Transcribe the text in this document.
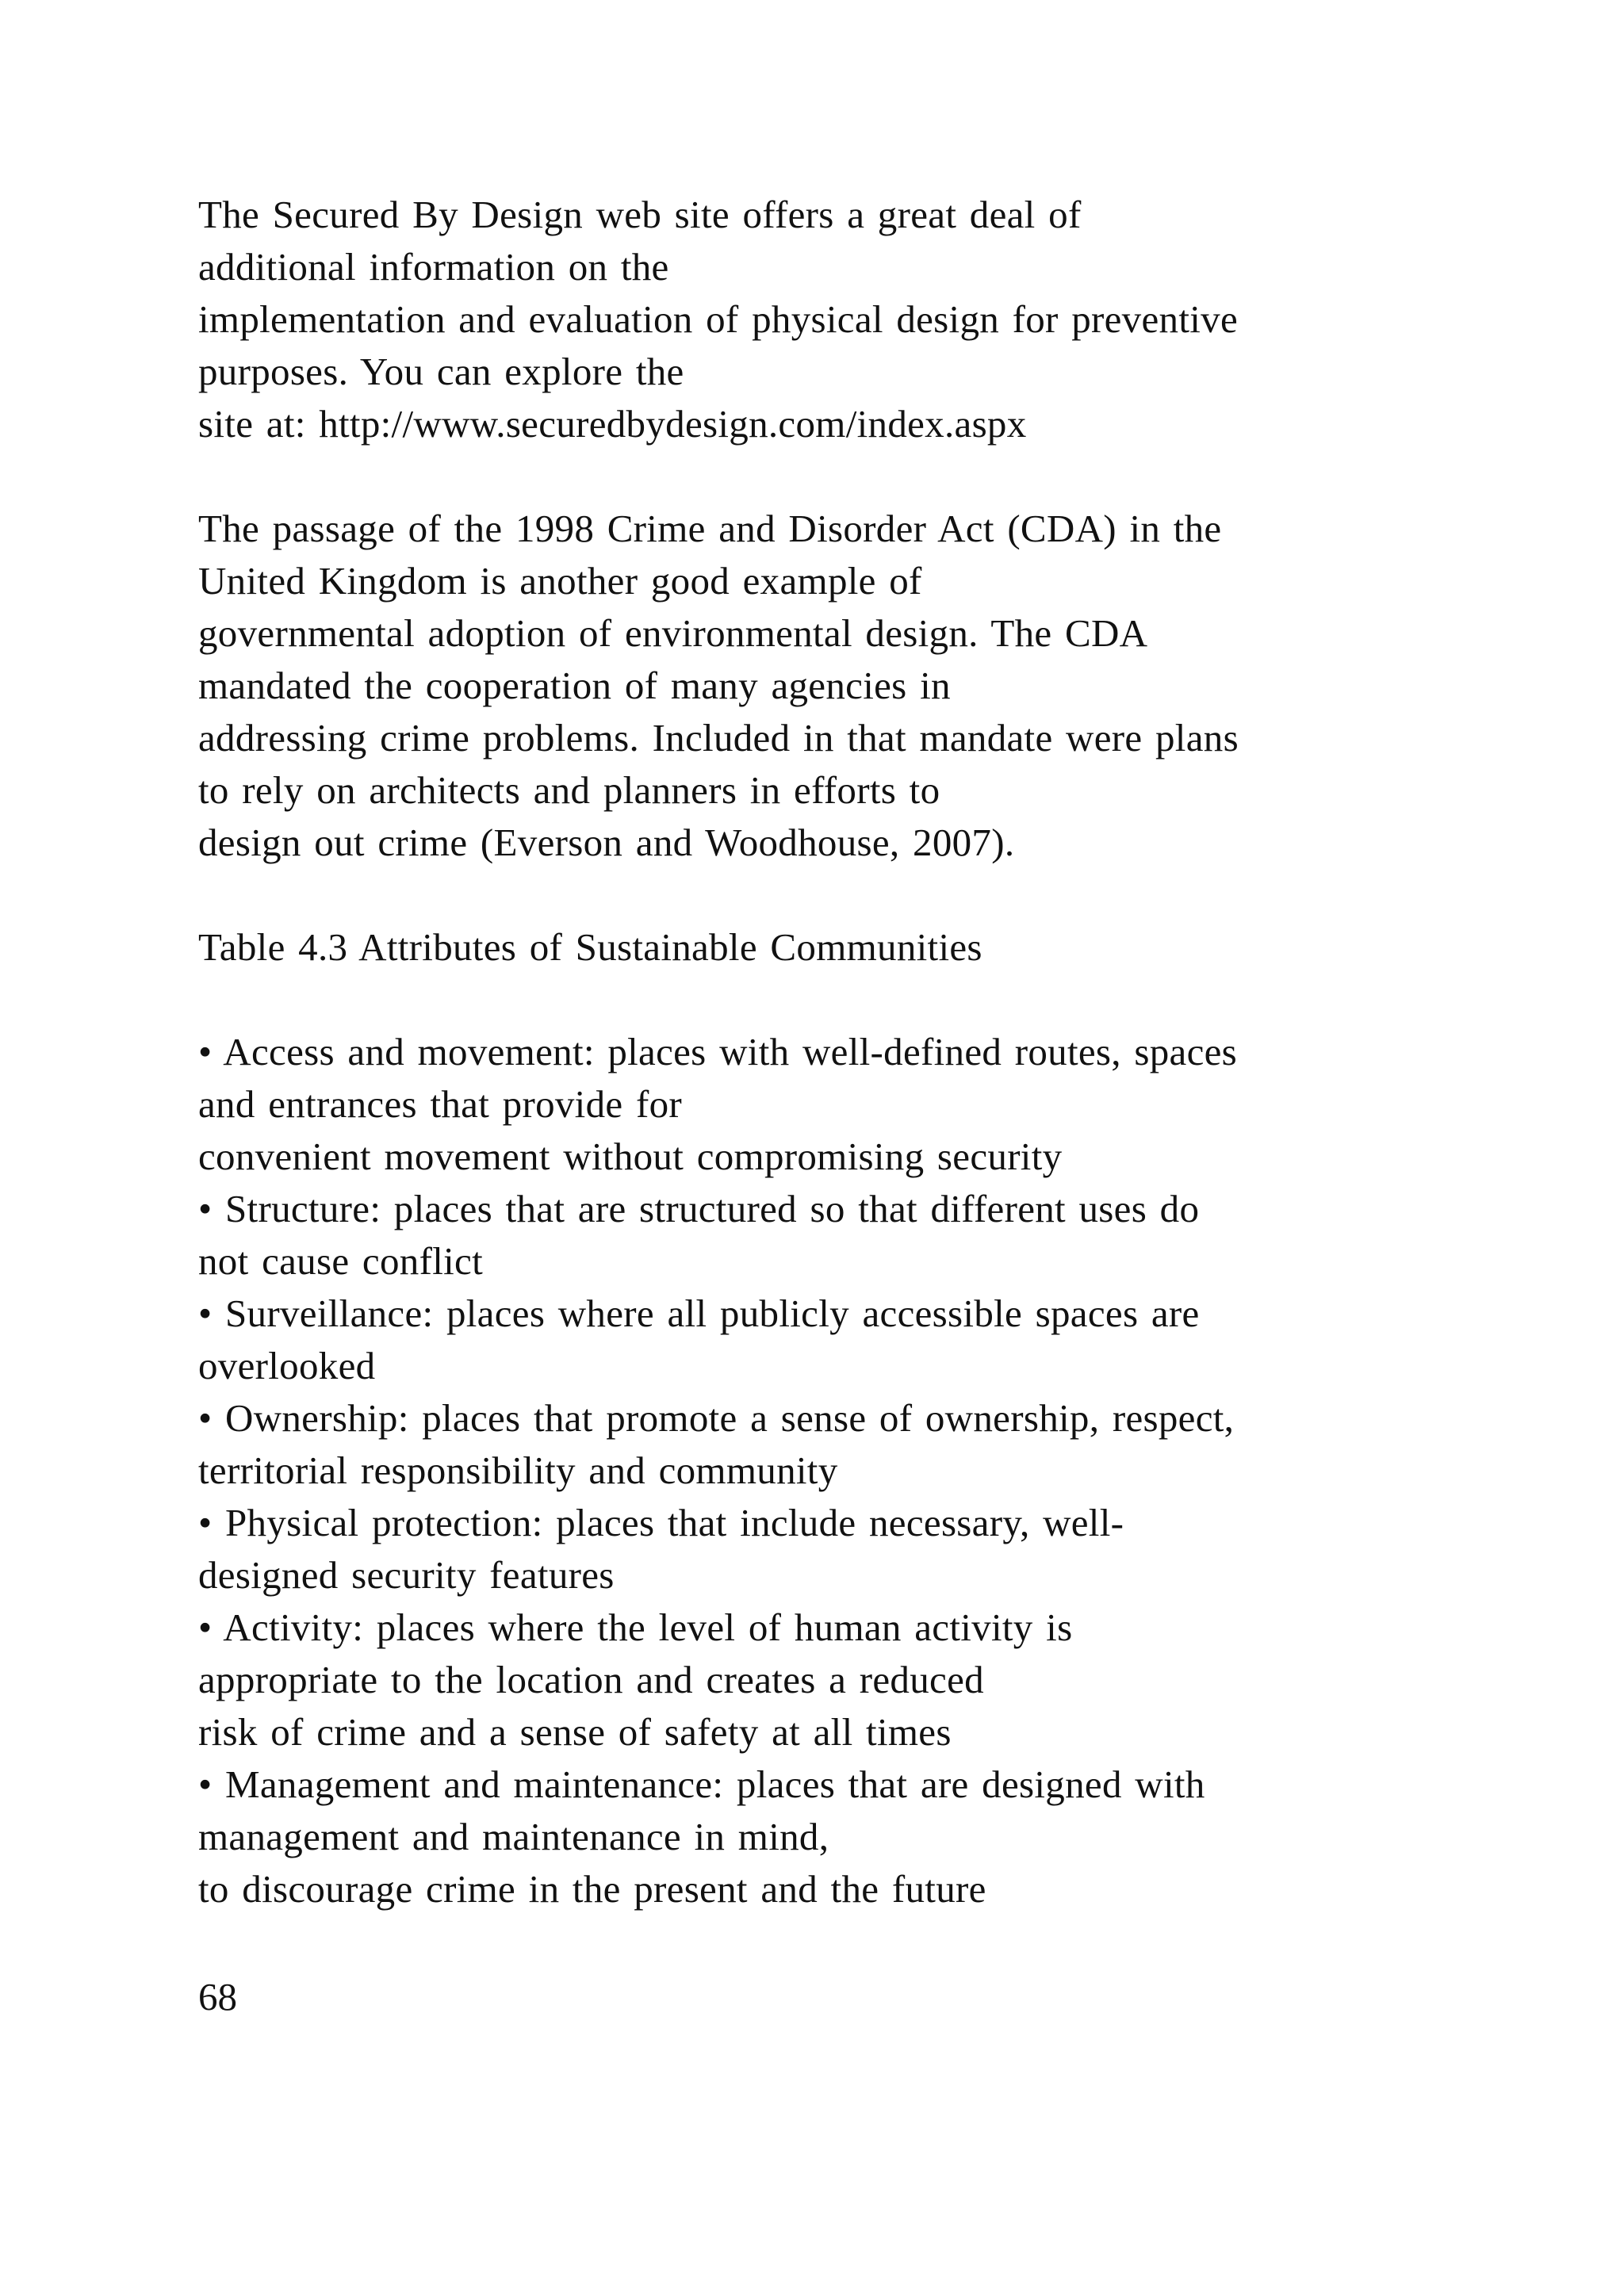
The Secured By Design web site offers a great deal of
additional information on the
implementation and evaluation of physical design for preventive
purposes. You can explore the
site at: http://www.securedbydesign.com/index.aspx
The passage of the 1998 Crime and Disorder Act (CDA) in the
United Kingdom is another good example of
governmental adoption of environmental design. The CDA
mandated the cooperation of many agencies in
addressing crime problems. Included in that mandate were plans
to rely on architects and planners in efforts to
design out crime (Everson and Woodhouse, 2007).
Table 4.3 Attributes of Sustainable Communities
• Access and movement: places with well-defined routes, spaces
and entrances that provide for
convenient movement without compromising security
• Structure: places that are structured so that different uses do
not cause conflict
• Surveillance: places where all publicly accessible spaces are
overlooked
• Ownership: places that promote a sense of ownership, respect,
territorial responsibility and community
• Physical protection: places that include necessary, well-
designed security features
• Activity: places where the level of human activity is
appropriate to the location and creates a reduced
risk of crime and a sense of safety at all times
• Management and maintenance: places that are designed with
management and maintenance in mind,
to discourage crime in the present and the future
68
